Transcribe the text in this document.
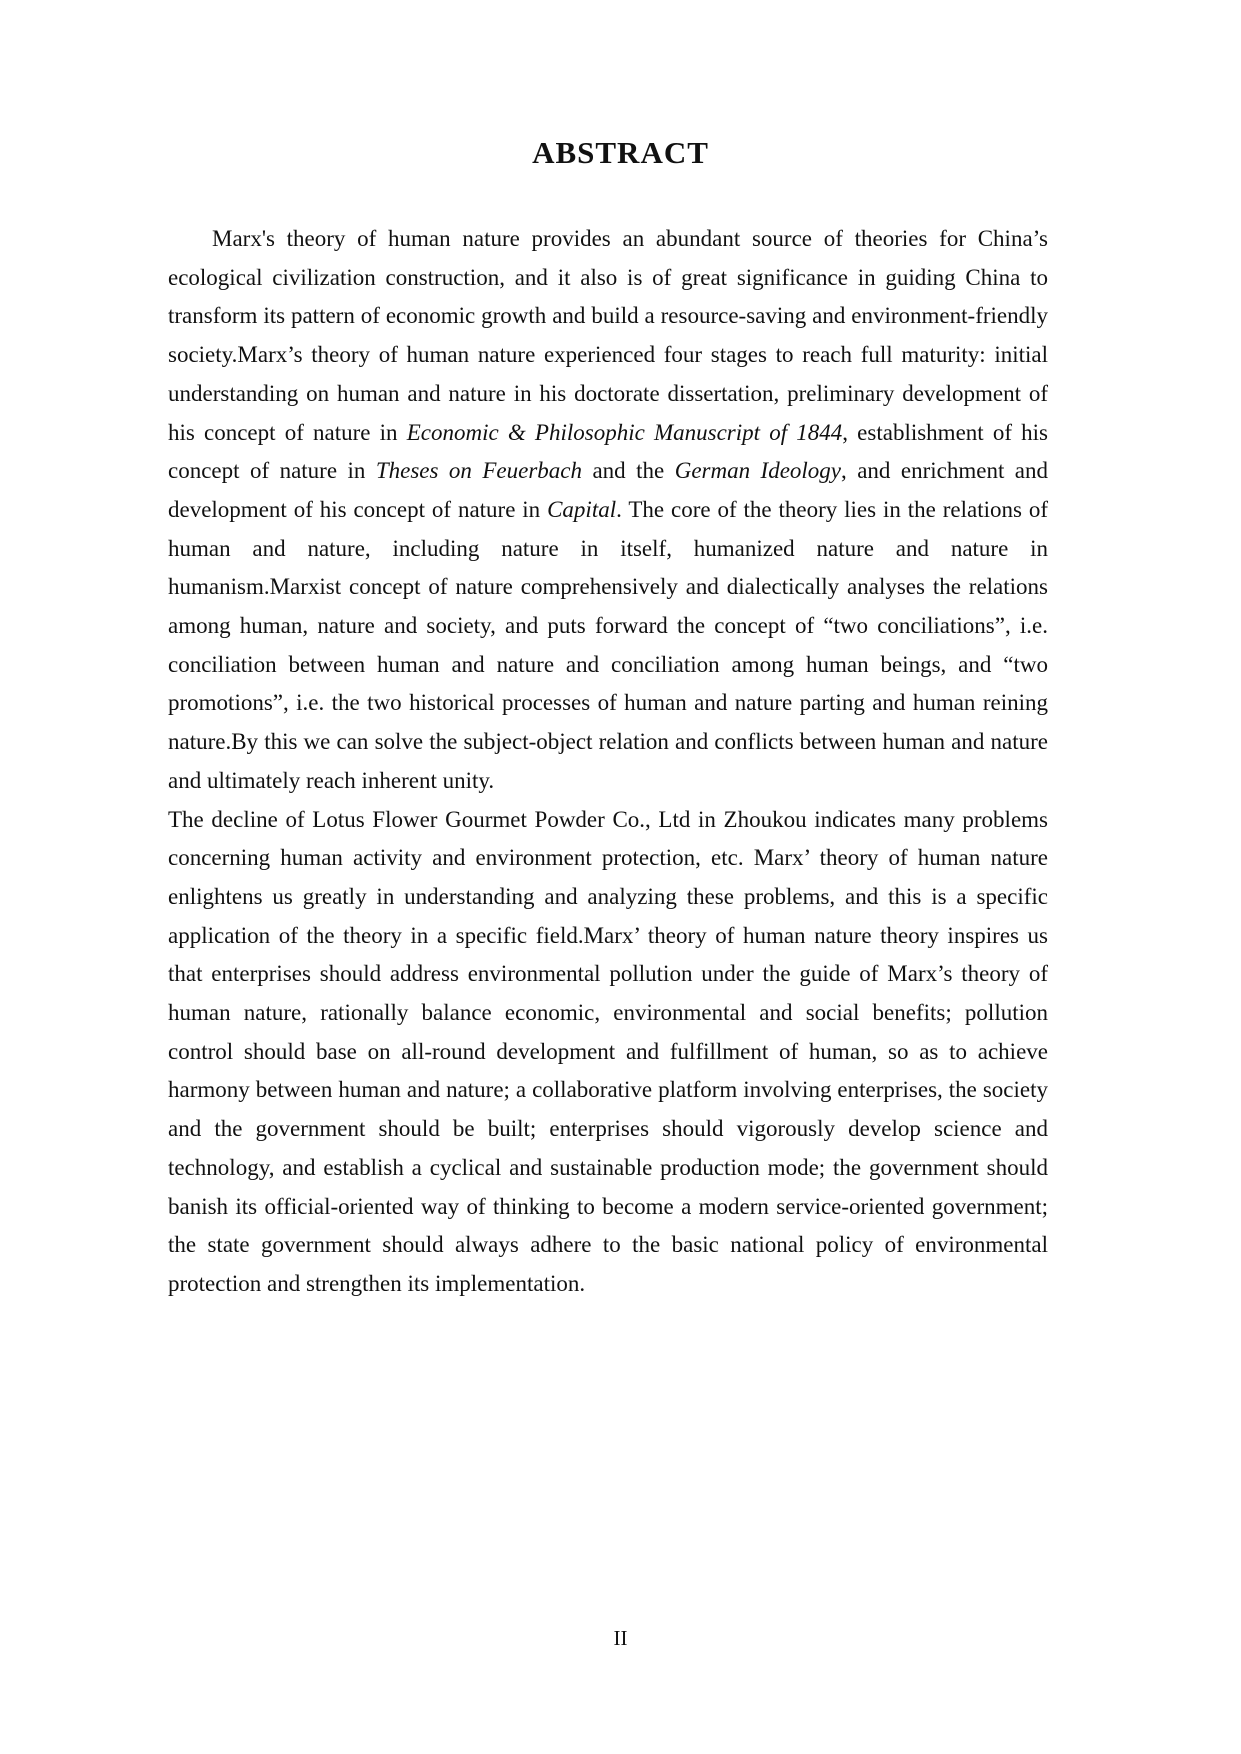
ABSTRACT

Marx's theory of human nature provides an abundant source of theories for China’s ecological civilization construction, and it also is of great significance in guiding China to transform its pattern of economic growth and build a resource-saving and environment-friendly society.Marx’s theory of human nature experienced four stages to reach full maturity: initial understanding on human and nature in his doctorate dissertation, preliminary development of his concept of nature in Economic & Philosophic Manuscript of 1844, establishment of his concept of nature in Theses on Feuerbach and the German Ideology, and enrichment and development of his concept of nature in Capital. The core of the theory lies in the relations of human and nature, including nature in itself, humanized nature and nature in humanism.Marxist concept of nature comprehensively and dialectically analyses the relations among human, nature and society, and puts forward the concept of “two conciliations”, i.e. conciliation between human and nature and conciliation among human beings, and “two promotions”, i.e. the two historical processes of human and nature parting and human reining nature.By this we can solve the subject-object relation and conflicts between human and nature and ultimately reach inherent unity.

The decline of Lotus Flower Gourmet Powder Co., Ltd in Zhoukou indicates many problems concerning human activity and environment protection, etc. Marx’ theory of human nature enlightens us greatly in understanding and analyzing these problems, and this is a specific application of the theory in a specific field.Marx’ theory of human nature theory inspires us that enterprises should address environmental pollution under the guide of Marx’s theory of human nature, rationally balance economic, environmental and social benefits; pollution control should base on all-round development and fulfillment of human, so as to achieve harmony between human and nature; a collaborative platform involving enterprises, the society and the government should be built; enterprises should vigorously develop science and technology, and establish a cyclical and sustainable production mode; the government should banish its official-oriented way of thinking to become a modern service-oriented government; the state government should always adhere to the basic national policy of environmental protection and strengthen its implementation.

II
